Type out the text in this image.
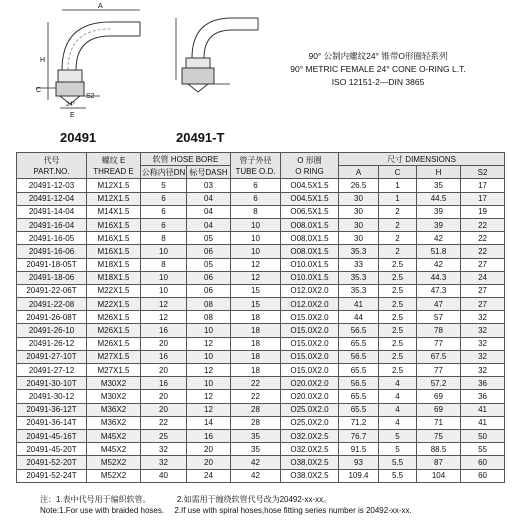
A
H
C
S2
E
24°
20491	20491-T
90° 公制内螺纹24° 锥带O形圈轻系列
90° METRIC FEMALE 24° CONE O-RING L.T.
ISO 12151-2—DIN 3865
代号
PART.NO.	螺纹 E
THREAD E	软管 HOSE BORE		管子外径
TUBE O.D.	O 形圈
O RING	尺寸 DIMENSIONS			
		公称内径DN	标号DASH			A	C	H	S2
20491-12-03	M12X1.5	5	03	6	O04.5X1.5	26.5	1	35	17
20491-12-04	M12X1.5	6	04	6	O04.5X1.5	30	1	44.5	17
20491-14-04	M14X1.5	6	04	8	O06.5X1.5	30	2	39	19
20491-16-04	M16X1.5	6	04	10	O08.0X1.5	30	2	39	22
20491-16-05	M16X1.5	8	05	10	O08.0X1.5	30	2	42	22
20491-16-06	M16X1.5	10	06	10	O08.0X1.5	35.3	2	51.8	22
20491-18-05T	M18X1.5	8	05	12	O10.0X1.5	33	2.5	42	27
20491-18-06	M18X1.5	10	06	12	O10.0X1.5	35.3	2.5	44.3	24
20491-22-06T	M22X1.5	10	06	15	O12.0X2.0	35.3	2.5	47.3	27
20491-22-08	M22X1.5	12	08	15	O12.0X2.0	41	2.5	47	27
20491-26-08T	M26X1.5	12	08	18	O15.0X2.0	44	2.5	57	32
20491-26-10	M26X1.5	16	10	18	O15.0X2.0	56.5	2.5	78	32
20491-26-12	M26X1.5	20	12	18	O15.0X2.0	65.5	2.5	77	32
20491-27-10T	M27X1.5	16	10	18	O15.0X2.0	56.5	2.5	67.5	32
20491-27-12	M27X1.5	20	12	18	O15.0X2.0	65.5	2.5	77	32
20491-30-10T	M30X2	16	10	22	O20.0X2.0	56.5	4	57.2	36
20491-30-12	M30X2	20	12	22	O20.0X2.0	65.5	4	69	36
20491-36-12T	M36X2	20	12	28	O25.0X2.0	65.5	4	69	41
20491-36-14T	M36X2	22	14	28	O25.0X2.0	71.2	4	71	41
20491-45-16T	M45X2	25	16	35	O32.0X2.5	76.7	5	75	50
20491-45-20T	M45X2	32	20	35	O32.0X2.5	91.5	5	88.5	55
20491-52-20T	M52X2	32	20	42	O38.0X2.5	93	5.5	87	60
20491-52-24T	M52X2	40	24	42	O38.0X2.5	109.4	5.5	104	60
注：1.表中代号用于编织软管。	2.如需用于缠绕软管代号改为20492-xx-xx。
Note:1.For use with braided hoses. 2.If use with spiral hoses,hose fitting series number is 20492-xx-xx.
